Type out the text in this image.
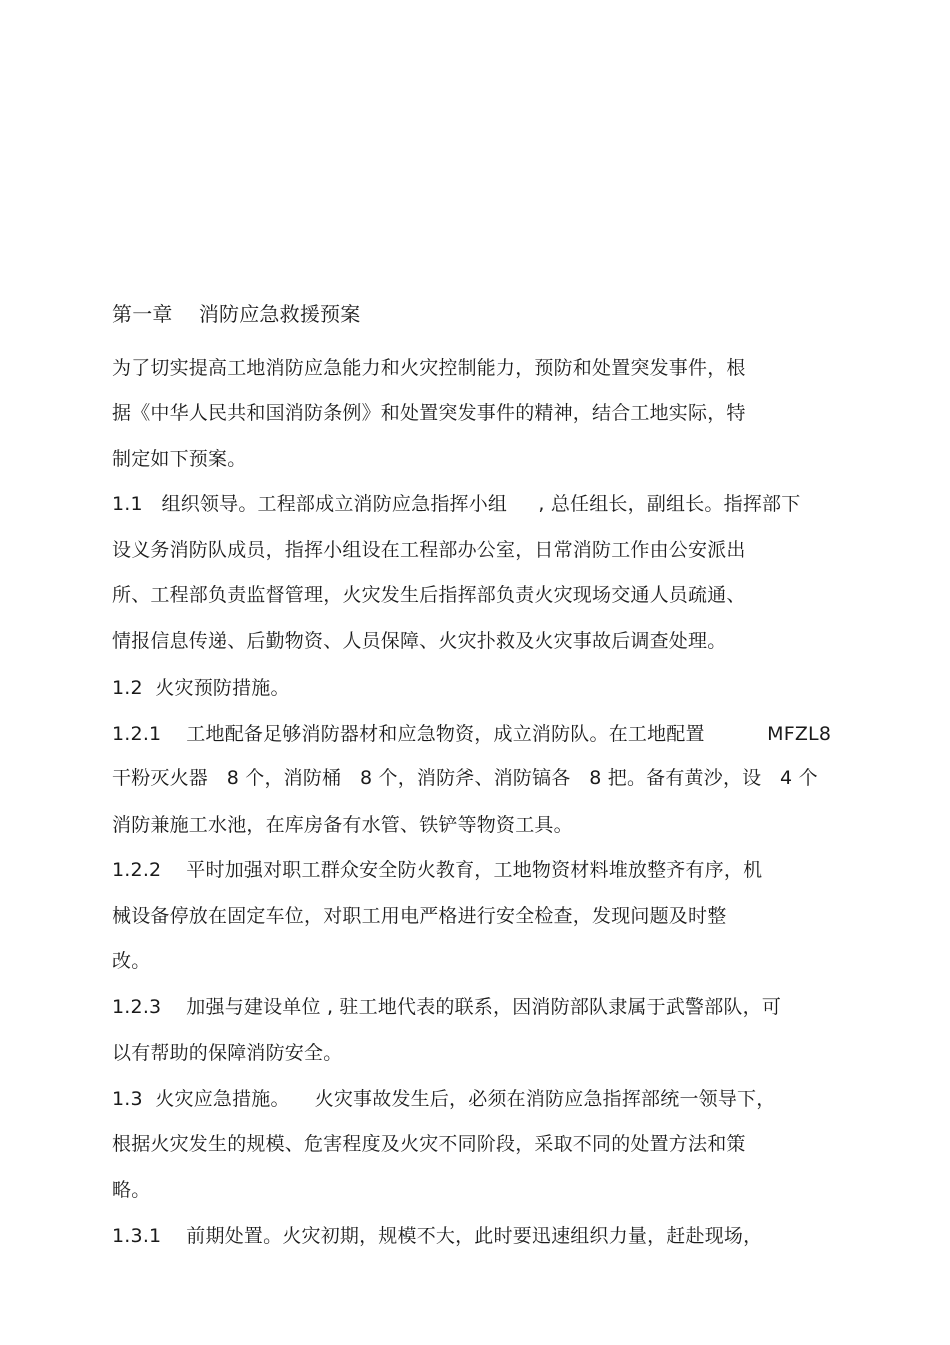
第一章    消防应急救援预案
为了切实提高工地消防应急能力和火灾控制能力，预防和处置突发事件，根
据《中华人民共和国消防条例》和处置突发事件的精神，结合工地实际，特
制定如下预案。
1.1   组织领导。工程部成立消防应急指挥小组     , 总任组长，副组长。指挥部下
设义务消防队成员，指挥小组设在工程部办公室，日常消防工作由公安派出
所、工程部负责监督管理，火灾发生后指挥部负责火灾现场交通人员疏通、
情报信息传递、后勤物资、人员保障、火灾扑救及火灾事故后调查处理。
1.2  火灾预防措施。
1.2.1    工地配备足够消防器材和应急物资，成立消防队。在工地配置          MFZL8
干粉灭火器   8 个，消防桶   8 个，消防斧、消防镐各   8 把。备有黄沙，设   4 个
消防兼施工水池，在库房备有水管、铁铲等物资工具。
1.2.2    平时加强对职工群众安全防火教育，工地物资材料堆放整齐有序，机
械设备停放在固定车位，对职工用电严格进行安全检查，发现问题及时整
改。
1.2.3    加强与建设单位 , 驻工地代表的联系，因消防部队隶属于武警部队，可
以有帮助的保障消防安全。
1.3  火灾应急措施。    火灾事故发生后，必须在消防应急指挥部统一领导下，
根据火灾发生的规模、危害程度及火灾不同阶段，采取不同的处置方法和策
略。
1.3.1    前期处置。火灾初期，规模不大，此时要迅速组织力量，赶赴现场，
